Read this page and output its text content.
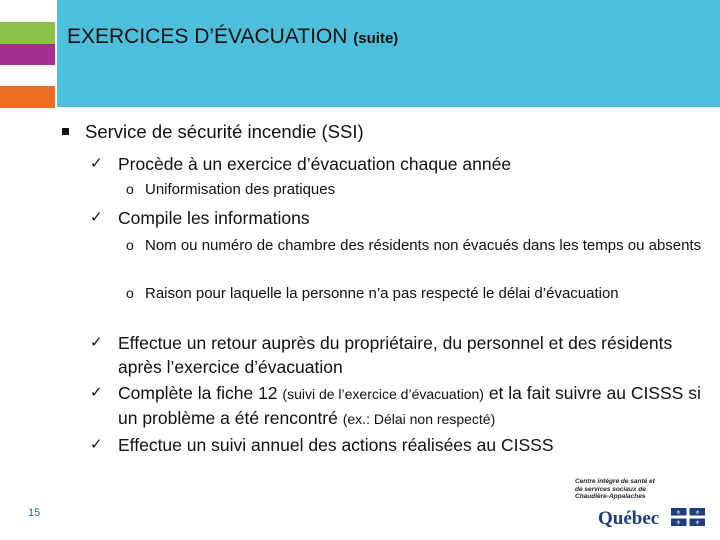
EXERCICES D’ÉVACUATION (suite)
Service de sécurité incendie (SSI)
✓ Procède à un exercice d’évacuation chaque année
o Uniformisation des pratiques
✓ Compile les informations
o Nom ou numéro de chambre des résidents non évacués dans les temps ou absents
o Raison pour laquelle la personne n’a pas respecté le délai d’évacuation
✓ Effectue un retour auprès du propriétaire, du personnel et des résidents après l’exercice d’évacuation
✓ Complète la fiche 12 (suivi de l’exercice d’évacuation) et la fait suivre au CISSS si un problème a été rencontré (ex.: Délai non respecté)
✓ Effectue un suivi annuel des actions réalisées au CISSS
15
Centre intégré de santé et de services sociaux de Chaudière-Appalaches
Québec	⚜ ⚜
⚜ ⚜
